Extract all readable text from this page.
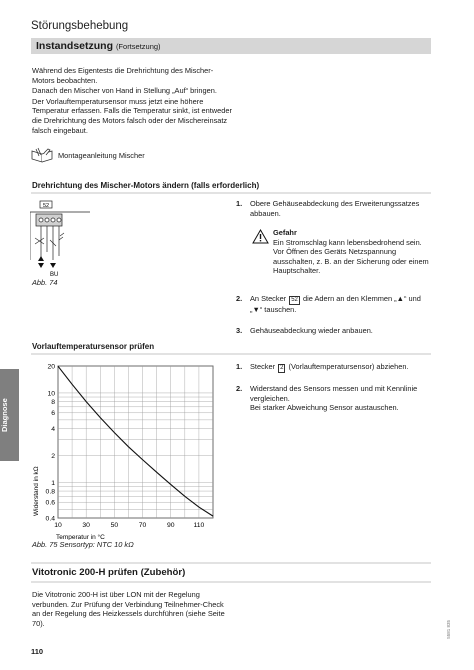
Störungsbehebung
Instandsetzung (Fortsetzung)

Während des Eigentests die Drehrichtung des Mischer-Motors beobachten.

Danach den Mischer von Hand in Stellung „Auf“ bringen.

Der Vorlauftemperatursensor muss jetzt eine höhere Temperatur erfassen. Falls die Temperatur sinkt, ist entweder die Drehrichtung des Motors falsch oder der Mischereinsatz falsch eingebaut.

Montageanleitung Mischer
Drehrichtung des Mischer-Motors ändern (falls erforderlich)
52
BU
Abb. 74
1. Obere Gehäuseabdeckung des Erweiterungssatzes abbauen.

Gefahr
Ein Stromschlag kann lebensbedrohend sein.
Vor Öffnen des Geräts Netzspannung ausschalten, z. B. an der Sicherung oder einem Hauptschalter.
2. An Stecker 52 die Adern an den Klemmen „▲“ und „▼“ tauschen.

3. Gehäuseabdeckung wieder anbauen.

Vorlauftemperatursensor prüfen
1. Stecker 2 (Vorlauftemperatursensor) abziehen.

2. Widerstand des Sensors messen und mit Kennlinie vergleichen.

Bei starker Abweichung Sensor austauschen.

10	30	50	70	90	110
20
10
8
6
4
2
1
0.8
0.6
0.4
Temperatur in °C
Widerstand in kΩ
Abb. 75 Sensortyp: NTC 10 kΩ
Diagnose
Vitotronic 200-H prüfen (Zubehör)

Die Vitotronic 200-H ist über LON mit der Regelung verbunden. Zur Prüfung der Verbindung Teilnehmer-Check an der Regelung des Heizkessels durchführen (siehe Seite 70).

110
5581 835
